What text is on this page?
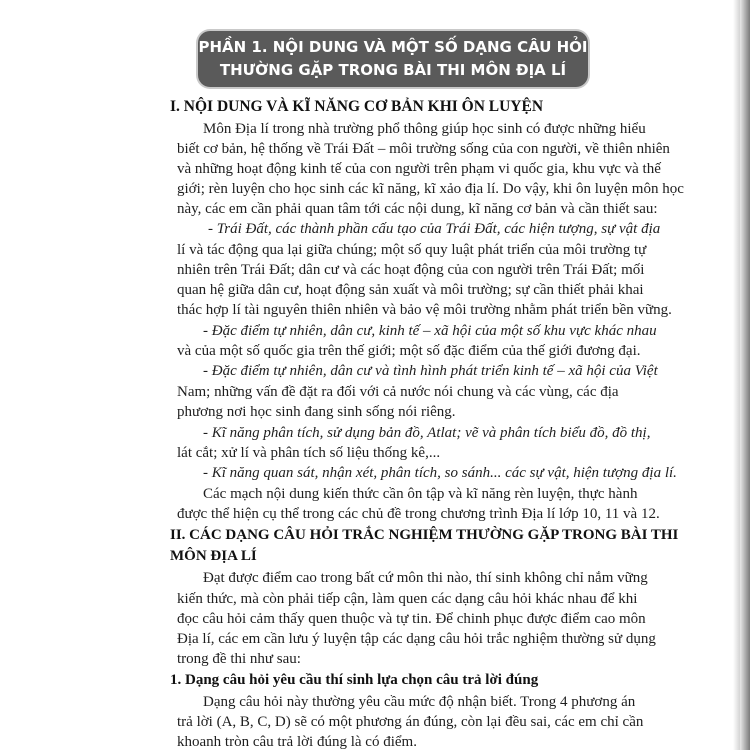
PHẦN 1. NỘI DUNG VÀ MỘT SỐ DẠNG CÂU HỎI
THƯỜNG GẶP TRONG BÀI THI MÔN ĐỊA LÍ
I. NỘI DUNG VÀ KĨ NĂNG CƠ BẢN KHI ÔN LUYỆN
Môn Địa lí trong nhà trường phổ thông giúp học sinh có được những hiểu
biết cơ bản, hệ thống về Trái Đất – môi trường sống của con người, về thiên nhiên
và những hoạt động kinh tế của con người trên phạm vi quốc gia, khu vực và thế
giới; rèn luyện cho học sinh các kĩ năng, kĩ xảo địa lí. Do vậy, khi ôn luyện môn học
này, các em cần phải quan tâm tới các nội dung, kĩ năng cơ bản và cần thiết sau:
- Trái Đất, các thành phần cấu tạo của Trái Đất, các hiện tượng, sự vật địa
lí và tác động qua lại giữa chúng; một số quy luật phát triển của môi trường tự
nhiên trên Trái Đất; dân cư và các hoạt động của con người trên Trái Đất; mối
quan hệ giữa dân cư, hoạt động sản xuất và môi trường; sự cần thiết phải khai
thác hợp lí tài nguyên thiên nhiên và bảo vệ môi trường nhằm phát triển bền vững.
- Đặc điểm tự nhiên, dân cư, kinh tế – xã hội của một số khu vực khác nhau
và của một số quốc gia trên thế giới; một số đặc điểm của thế giới đương đại.
- Đặc điểm tự nhiên, dân cư và tình hình phát triển kinh tế – xã hội của Việt
Nam; những vấn đề đặt ra đối với cả nước nói chung và các vùng, các địa
phương nơi học sinh đang sinh sống nói riêng.
- Kĩ năng phân tích, sử dụng bản đồ, Atlat; vẽ và phân tích biểu đồ, đồ thị,
lát cắt; xử lí và phân tích số liệu thống kê,...
- Kĩ năng quan sát, nhận xét, phân tích, so sánh... các sự vật, hiện tượng địa lí.
Các mạch nội dung kiến thức cần ôn tập và kĩ năng rèn luyện, thực hành
được thể hiện cụ thể trong các chủ đề trong chương trình Địa lí lớp 10, 11 và 12.
II. CÁC DẠNG CÂU HỎI TRẮC NGHIỆM THƯỜNG GẶP TRONG BÀI THI
MÔN ĐỊA LÍ
Đạt được điểm cao trong bất cứ môn thi nào, thí sinh không chỉ nắm vững
kiến thức, mà còn phải tiếp cận, làm quen các dạng câu hỏi khác nhau để khi
đọc câu hỏi cảm thấy quen thuộc và tự tin. Để chinh phục được điểm cao môn
Địa lí, các em cần lưu ý luyện tập các dạng câu hỏi trắc nghiệm thường sử dụng
trong đề thi như sau:
1. Dạng câu hỏi yêu cầu thí sinh lựa chọn câu trả lời đúng
Dạng câu hỏi này thường yêu cầu mức độ nhận biết. Trong 4 phương án
trả lời (A, B, C, D) sẽ có một phương án đúng, còn lại đều sai, các em chỉ cần
khoanh tròn câu trả lời đúng là có điểm.
